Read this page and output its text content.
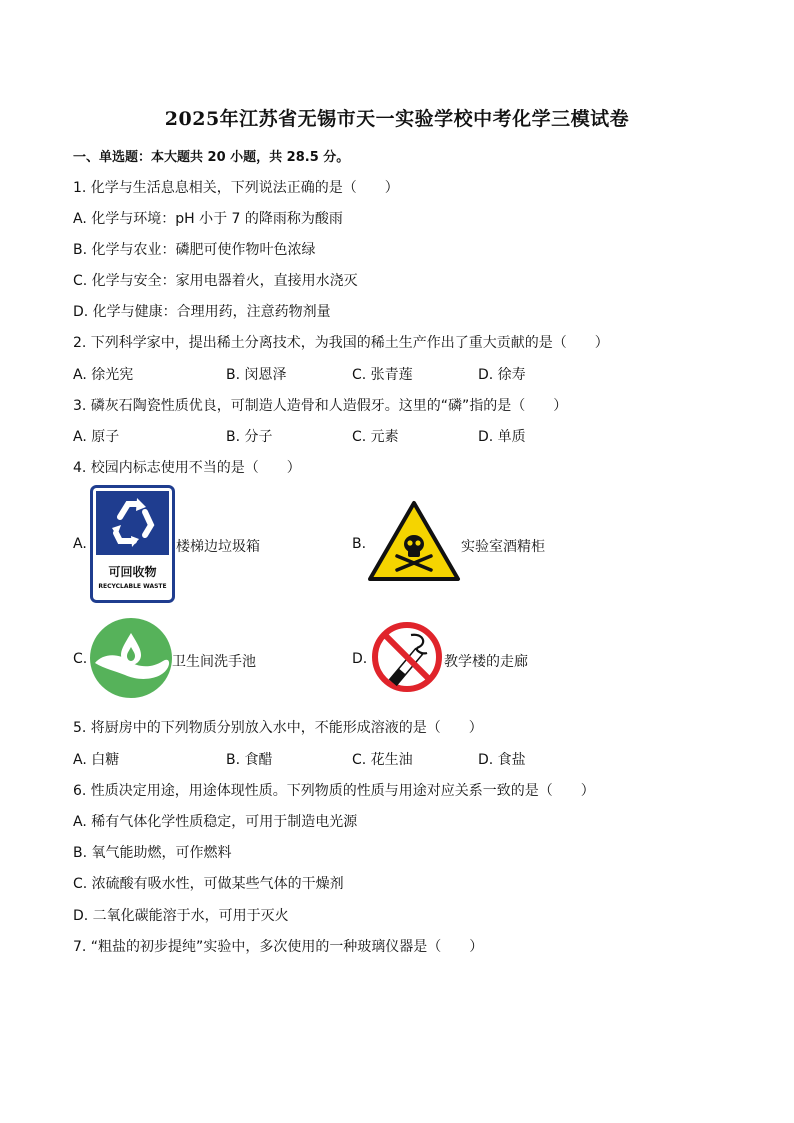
2025年江苏省无锡市天一实验学校中考化学三模试卷
一、单选题：本大题共 20 小题，共 28.5 分。
1. 化学与生活息息相关，下列说法正确的是（　　）
A. 化学与环境：pH 小于 7 的降雨称为酸雨
B. 化学与农业：磷肥可使作物叶色浓绿
C. 化学与安全：家用电器着火，直接用水浇灭
D. 化学与健康：合理用药，注意药物剂量
2. 下列科学家中，提出稀土分离技术，为我国的稀土生产作出了重大贡献的是（　　）
A. 徐光宪	B. 闵恩泽	C. 张青莲	D. 徐寿
3. 磷灰石陶瓷性质优良，可制造人造骨和人造假牙。这里的“磷”指的是（　　）
A. 原子	B. 分子	C. 元素	D. 单质
4. 校园内标志使用不当的是（　　）
A.
可回收物
RECYCLABLE WASTE
楼梯边垃圾箱	B.	实验室酒精柜
C.	卫生间洗手池	D.	教学楼的走廊
5. 将厨房中的下列物质分别放入水中，不能形成溶液的是（　　）
A. 白糖	B. 食醋	C. 花生油	D. 食盐
6. 性质决定用途，用途体现性质。下列物质的性质与用途对应关系一致的是（　　）
A. 稀有气体化学性质稳定，可用于制造电光源
B. 氧气能助燃，可作燃料
C. 浓硫酸有吸水性，可做某些气体的干燥剂
D. 二氧化碳能溶于水，可用于灭火
7. “粗盐的初步提纯”实验中，多次使用的一种玻璃仪器是（　　）
